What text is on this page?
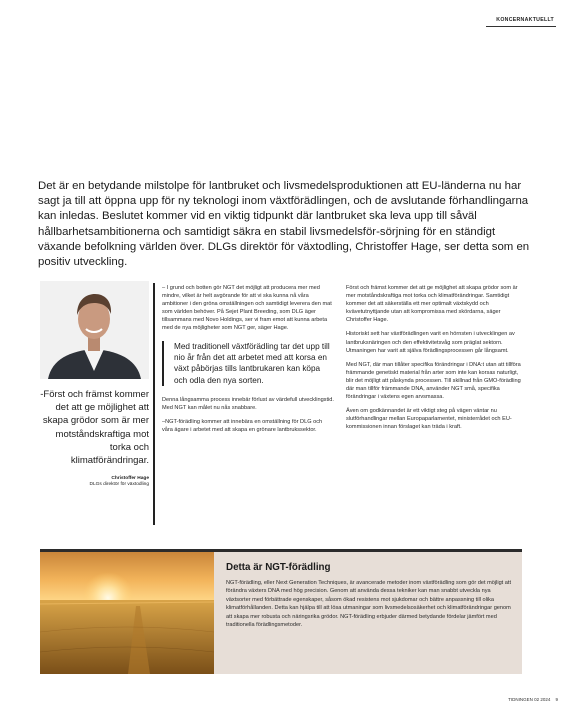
KONCERNAKTUELLT

Det är en betydande milstolpe för lantbruket och livsmedelsproduktionen att EU-länderna nu har sagt ja till att öppna upp för ny teknologi inom växtförädlingen, och de avslutande förhandlingarna kan inledas. Beslutet kommer vid en viktig tidpunkt där lantbruket ska leva upp till såväl hållbarhetsambitionerna och samtidigt säkra en stabil livsmedelsför-sörjning för en ständigt växande befolkning världen över. DLGs direktör för växtodling, Christoffer Hage, ser detta som en positiv utveckling.

-Först och främst kommer det att ge möjlighet att skapa grödor som är mer motståndskraftiga mot torka och klimatförändringar.

Christoffer Hage

DLGs direktör för växtodling

– I grund och botten gör NGT det möjligt att producera mer med mindre, vilket är helt avgörande för att vi ska kunna nå våra ambitioner i den gröna omställningen och samtidigt leverera den mat som världen behöver. På Sejet Plant Breeding, som DLG äger tillsammans med Novo Holdings, ser vi fram emot att kunna arbeta med de nya möjligheter som NGT ger, säger Hage.

Med traditionell växtförädling tar det upp till nio år från det att arbetet med att korsa en växt påbörjas tills lantbrukaren kan köpa och odla den nya sorten.

Denna långsamma process innebär förlust av värdefull utvecklingstid. Med NGT kan målet nu nås snabbare.

–NGT-förädling kommer att innebära en omställning för DLG och våra ägare i arbetet med att skapa en grönare lantbrukssektor.

Först och främst kommer det att ge möjlighet att skapa grödor som är mer motståndskraftiga mot torka och klimatförändringar. Samtidigt kommer det att säkerställa ett mer optimalt växtskydd och kvävetutnyttjande utan att kompromissa med skördarna, säger Christoffer Hage.

Historiskt sett har växtförädlingen varit en hörnsten i utvecklingen av lantbruksnäringen och den effektivitetsvåg som präglat sektorn. Utmaningen har varit att själva förädlingsprocessen går långsamt.

Med NGT, där man tillåter specifika förändringar i DNA:t utan att tillföra främmande genetiskt material från arter som inte kan korsas naturligt, blir det möjligt att påskynda processen. Till skillnad från GMO-förädling där man tillför främmande DNA, använder NGT små, specifika förändringar i växtens egen arvsmassa.

Även om godkännandet är ett viktigt steg på vägen väntar nu slutförhandlingar mellan Europaparlamentet, ministerrådet och EU-kommissionen innan förslaget kan träda i kraft.

Detta är NGT-förädling

NGT-förädling, eller Next Generation Techniques, är avancerade metoder inom växtförädling som gör det möjligt att förändra växters DNA med hög precision. Genom att använda dessa tekniker kan man snabbt utveckla nya växtsorter med förbättrade egenskaper, såsom ökad resistens mot sjukdomar och bättre anpassning till olika klimatförhållanden. Detta kan hjälpa till att lösa utmaningar som livsmedelsosäkerhet och klimatförändringar genom att skapa mer robusta och näringsrika grödor. NGT-förädling erbjuder därmed betydande fördelar jämfört med traditionella förädlingsmetoder.

TIDNINGEN 02 2024 9
